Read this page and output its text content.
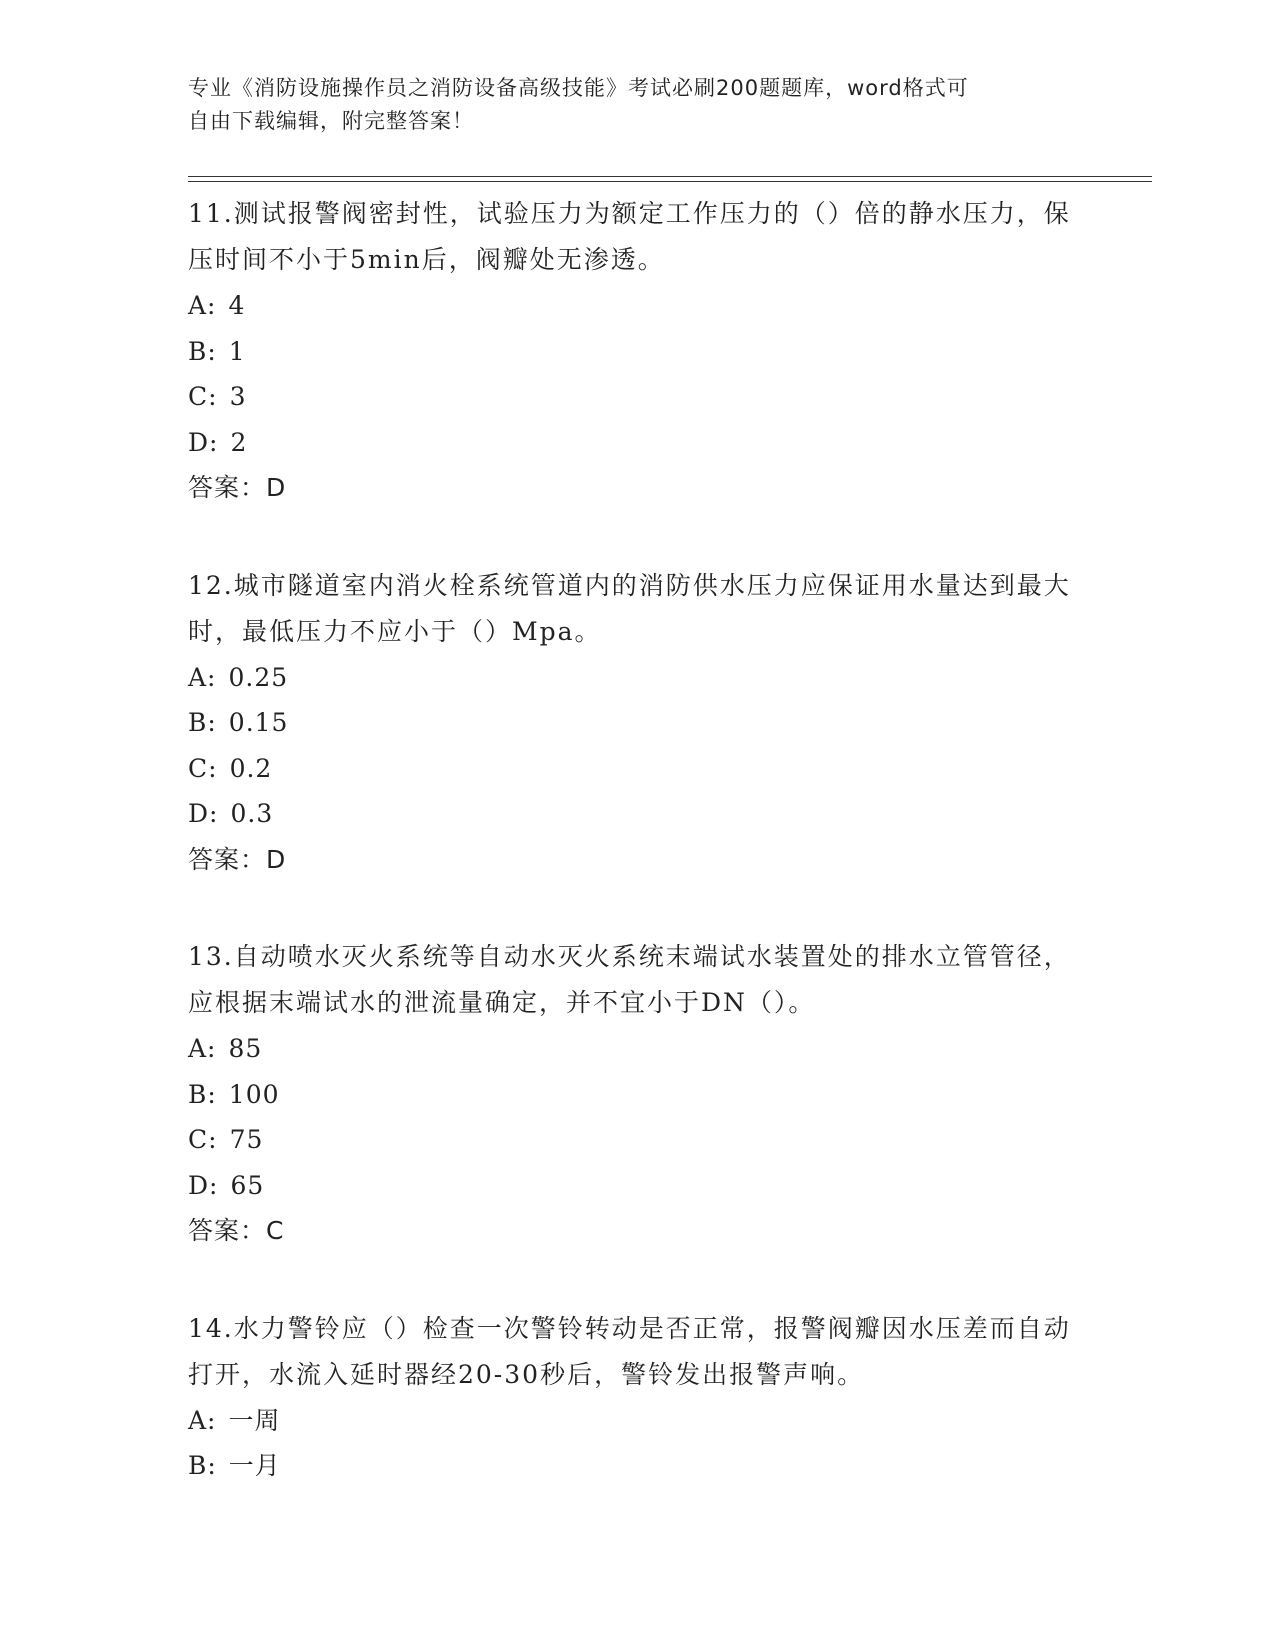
专业《消防设施操作员之消防设备高级技能》考试必刷200题题库，word格式可
自由下载编辑，附完整答案！

11.测试报警阀密封性，试验压力为额定工作压力的（）倍的静水压力，保压时间不小于5min后，阀瓣处无渗透。

A: 4
B: 1
C: 3
D: 2
答案：D

12.城市隧道室内消火栓系统管道内的消防供水压力应保证用水量达到最大时，最低压力不应小于（）Mpa。

A: 0.25
B: 0.15
C: 0.2
D: 0.3
答案：D

13.自动喷水灭火系统等自动水灭火系统末端试水装置处的排水立管管径，应根据末端试水的泄流量确定，并不宜小于DN（）。

A: 85
B: 100
C: 75
D: 65
答案：C

14.水力警铃应（）检查一次警铃转动是否正常，报警阀瓣因水压差而自动打开，水流入延时器经20-30秒后，警铃发出报警声响。

A: 一周
B: 一月
